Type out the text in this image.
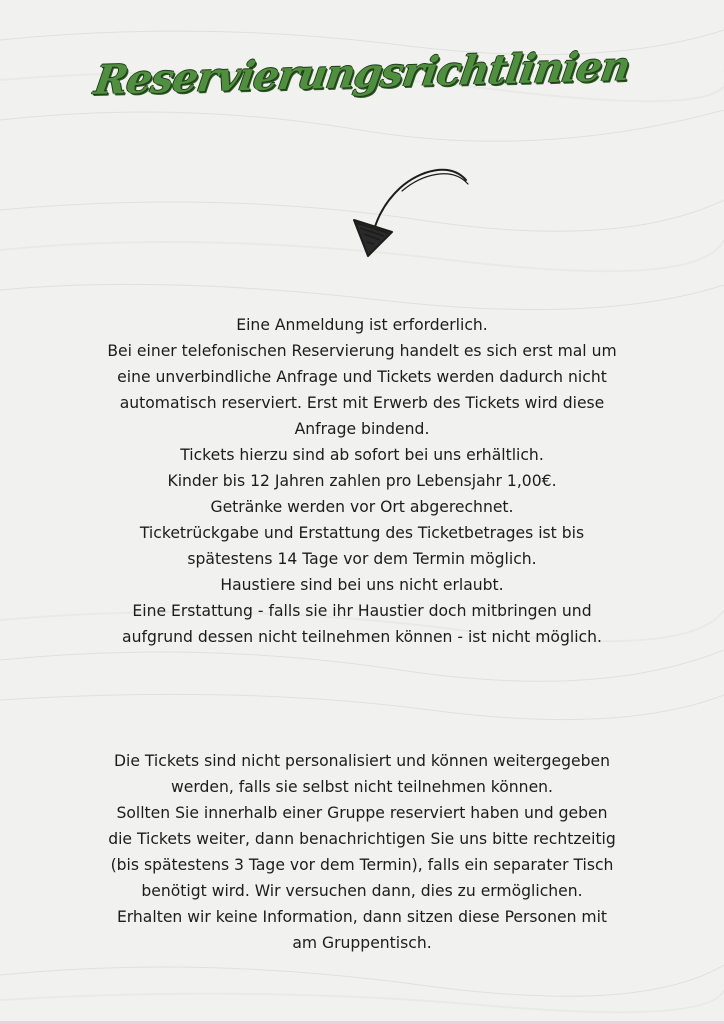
Reservierungsrichtlinien

Eine Anmeldung ist erforderlich.

Bei einer telefonischen Reservierung handelt es sich erst mal um

eine unverbindliche Anfrage und Tickets werden dadurch nicht

automatisch reserviert. Erst mit Erwerb des Tickets wird diese

Anfrage bindend.

Tickets hierzu sind ab sofort bei uns erhältlich.

Kinder bis 12 Jahren zahlen pro Lebensjahr 1,00€.

Getränke werden vor Ort abgerechnet.

Ticketrückgabe und Erstattung des Ticketbetrages ist bis

spätestens 14 Tage vor dem Termin möglich.

Haustiere sind bei uns nicht erlaubt.

Eine Erstattung - falls sie ihr Haustier doch mitbringen und

aufgrund dessen nicht teilnehmen können - ist nicht möglich.

Die Tickets sind nicht personalisiert und können weitergegeben

werden, falls sie selbst nicht teilnehmen können.

Sollten Sie innerhalb einer Gruppe reserviert haben und geben

die Tickets weiter, dann benachrichtigen Sie uns bitte rechtzeitig

(bis spätestens 3 Tage vor dem Termin), falls ein separater Tisch

benötigt wird. Wir versuchen dann, dies zu ermöglichen.

Erhalten wir keine Information, dann sitzen diese Personen mit

am Gruppentisch.
